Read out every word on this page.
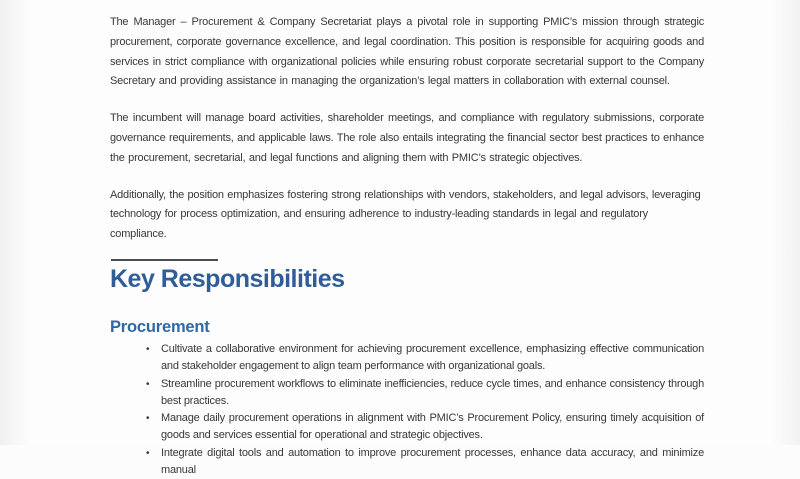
The Manager – Procurement & Company Secretariat plays a pivotal role in supporting PMIC’s mission through strategic procurement, corporate governance excellence, and legal coordination. This position is responsible for acquiring goods and services in strict compliance with organizational policies while ensuring robust corporate secretarial support to the Company Secretary and providing assistance in managing the organization’s legal matters in collaboration with external counsel.

The incumbent will manage board activities, shareholder meetings, and compliance with regulatory submissions, corporate governance requirements, and applicable laws. The role also entails integrating the financial sector best practices to enhance the procurement, secretarial, and legal functions and aligning them with PMIC’s strategic objectives.

Additionally, the position emphasizes fostering strong relationships with vendors, stakeholders, and legal advisors, leveraging technology for process optimization, and ensuring adherence to industry-leading standards in legal and regulatory compliance.

Key Responsibilities
Procurement
• Cultivate a collaborative environment for achieving procurement excellence, emphasizing effective communication and stakeholder engagement to align team performance with organizational goals.
• Streamline procurement workflows to eliminate inefficiencies, reduce cycle times, and enhance consistency through best practices.
• Manage daily procurement operations in alignment with PMIC’s Procurement Policy, ensuring timely acquisition of goods and services essential for operational and strategic objectives.
• Integrate digital tools and automation to improve procurement processes, enhance data accuracy, and minimize manual
